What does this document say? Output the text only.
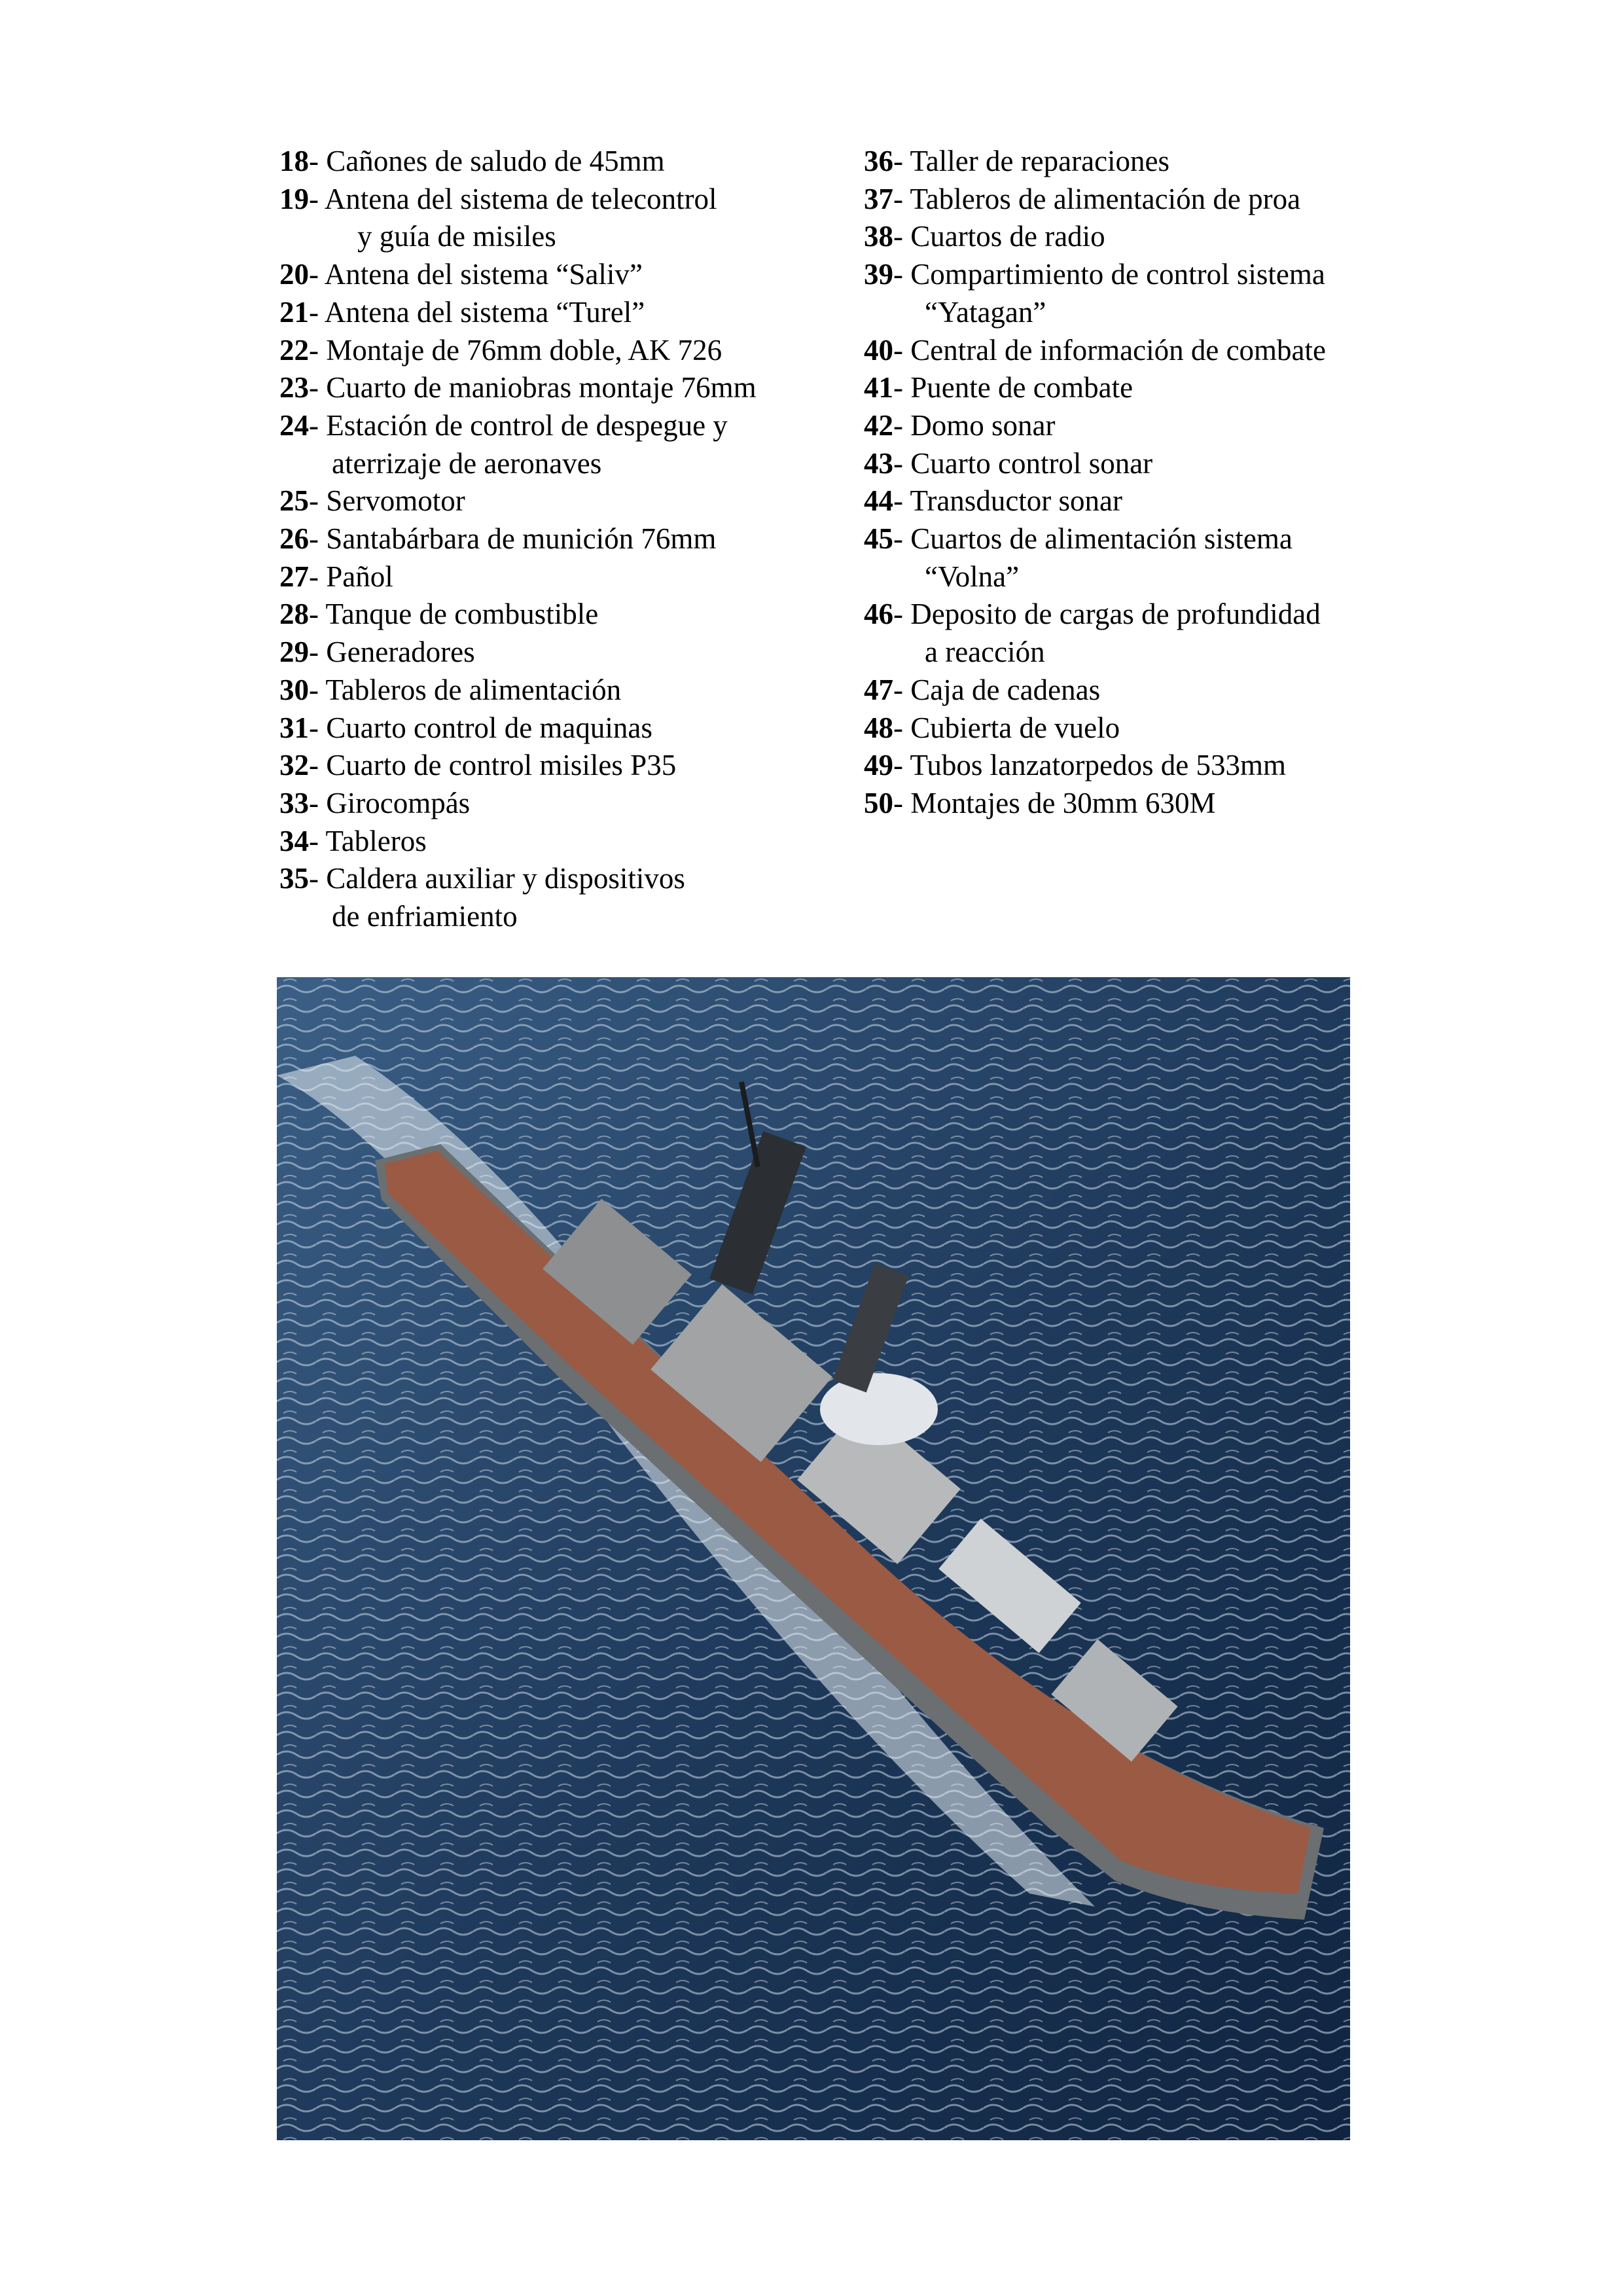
18- Cañones de saludo de 45mm
19- Antena del sistema de telecontrol
y guía de misiles
20- Antena del sistema “Saliv”
21- Antena del sistema “Turel”
22- Montaje de 76mm doble, AK 726
23- Cuarto de maniobras montaje 76mm
24- Estación de control de despegue y
aterrizaje de aeronaves
25- Servomotor
26- Santabárbara de munición 76mm
27- Pañol
28- Tanque de combustible
29- Generadores
30- Tableros de alimentación
31- Cuarto control de maquinas
32- Cuarto de control misiles P35
33- Girocompás
34- Tableros
35- Caldera auxiliar y dispositivos
de enfriamiento
36- Taller de reparaciones
37- Tableros de alimentación de proa
38- Cuartos de radio
39- Compartimiento de control sistema
“Yatagan”
40- Central de información de combate
41- Puente de combate
42- Domo sonar
43- Cuarto control sonar
44- Transductor sonar
45- Cuartos de alimentación sistema
“Volna”
46- Deposito de cargas de profundidad
a reacción
47- Caja de cadenas
48- Cubierta de vuelo
49- Tubos lanzatorpedos de 533mm
50- Montajes de 30mm 630M
